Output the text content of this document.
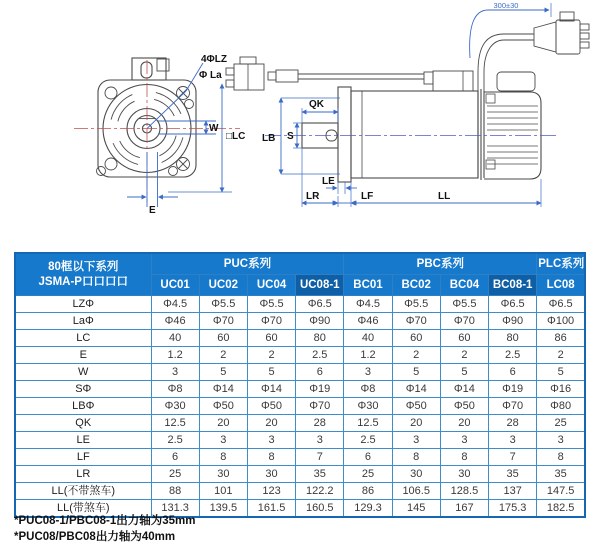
4ΦLZ
Φ La
W
□LC
E
QK
S
LB
LE
LR	LF	LL
300±30
80框以下系列
JSMA-P口口口口	PUC系列				PBC系列				PLC系列
	UC01	UC02	UC04	UC08-1	BC01	BC02	BC04	BC08-1	LC08
LZΦ	Φ4.5	Φ5.5	Φ5.5	Φ6.5	Φ4.5	Φ5.5	Φ5.5	Φ6.5	Φ6.5
LaΦ	Φ46	Φ70	Φ70	Φ90	Φ46	Φ70	Φ70	Φ90	Φ100
LC	40	60	60	80	40	60	60	80	86
E	1.2	2	2	2.5	1.2	2	2	2.5	2
W	3	5	5	6	3	5	5	6	5
SΦ	Φ8	Φ14	Φ14	Φ19	Φ8	Φ14	Φ14	Φ19	Φ16
LBΦ	Φ30	Φ50	Φ50	Φ70	Φ30	Φ50	Φ50	Φ70	Φ80
QK	12.5	20	20	28	12.5	20	20	28	25
LE	2.5	3	3	3	2.5	3	3	3	3
LF	6	8	8	7	6	8	8	7	8
LR	25	30	30	35	25	30	30	35	35
LL(不带煞车)	88	101	123	122.2	86	106.5	128.5	137	147.5
LL(带煞车)	131.3	139.5	161.5	160.5	129.3	145	167	175.3	182.5
*PUC08-1/PBC08-1出力轴为35mm
*PUC08/PBC08出力轴为40mm
